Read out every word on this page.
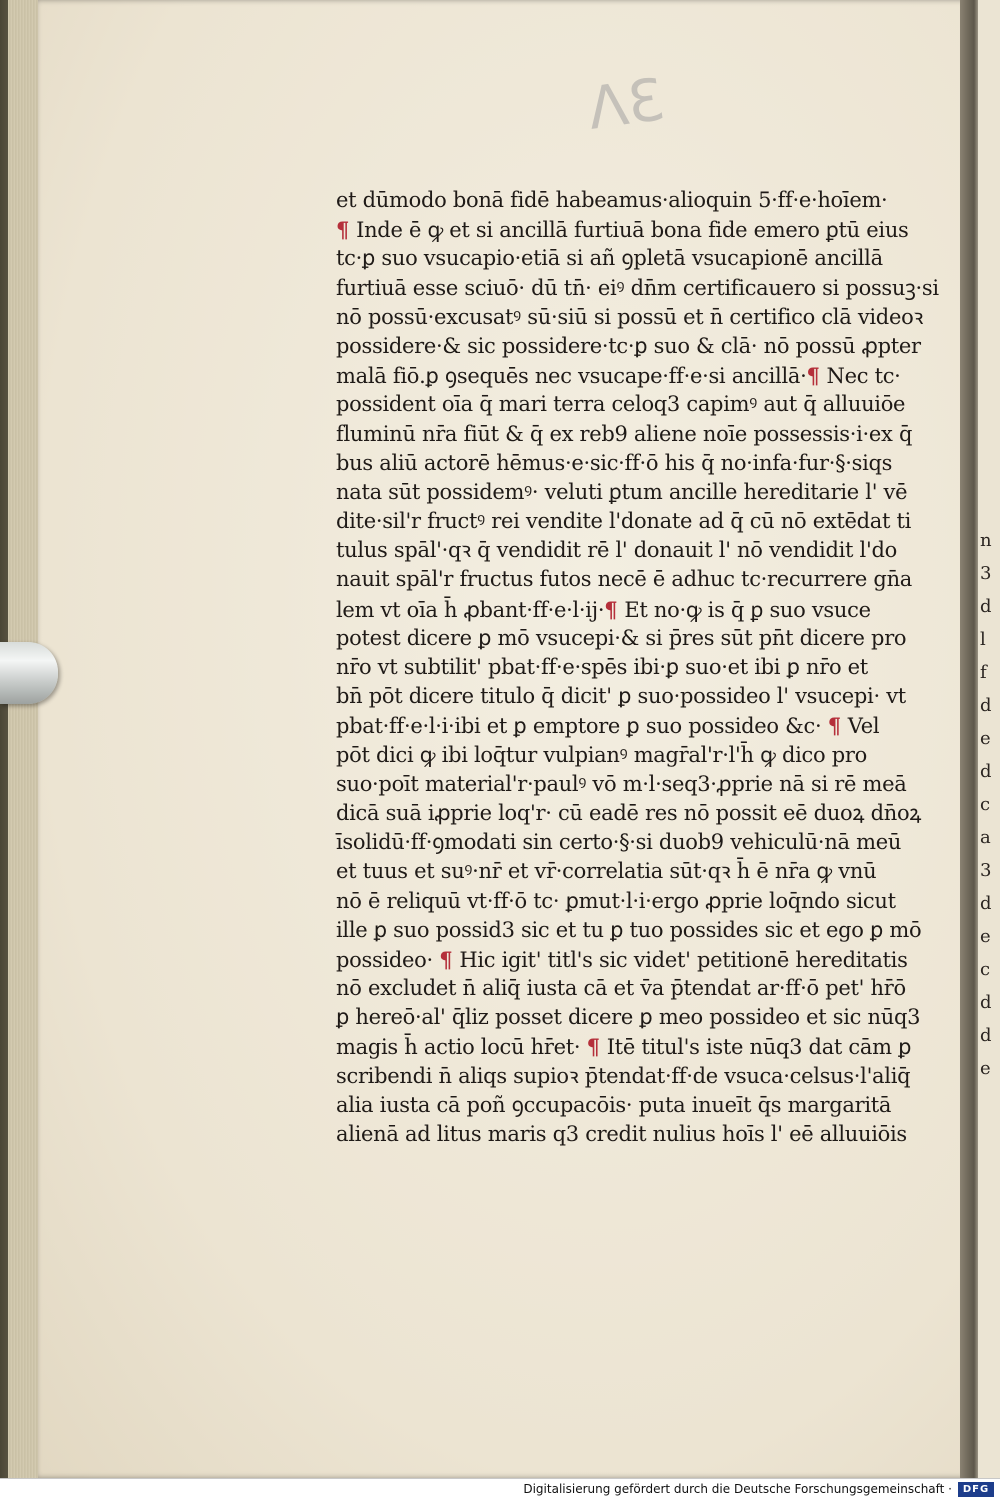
n
3
d
l
f
d
e
d
c
a
3
d
e
c
d
d
e
ɅƐ
et dūmodo bonā fidē habeamus·alioquin 5·ff·e·hoīem·
¶ Inde ē ꝙ et si ancillā furtiuā bona fide emero ꝑtū eius
tc·ꝑ suo vsucapio·etiā si añ ꝯpletā vsucapionē ancillā
furtiuā esse sciuō· dū tn̄· eiꝰ dn̄m certificauero si possuꝫ·si
nō possū·excusatꝰ sū·siū si possū et n̄ certifico clā videoꝛ
possidere·& sic possidere·tc·ꝑ suo & clā· nō possū ꝓpter
malā fiō.ꝑ ꝯsequēs nec vsucape·ff·e·si ancillā·¶ Nec tc·
possident oīa q̄ mari terra celoq3 capimꝰ aut q̄ alluuiōe
fluminū nr̄a fiūt & q̄ ex reb9 aliene noīe possessis·i·ex q̄
bus aliū actorē hēmus·e·sic·ff·ō his q̄ no·infa·fur·§·siqs
nata sūt possidemꝰ· veluti ꝑtum ancille hereditarie l' vē
dite·sil'r fructꝰ rei vendite l'donate ad q̄ cū nō extēdat ti
tulus spāl'·qꝛ q̄ vendidit rē l' donauit l' nō vendidit l'do
nauit spāl'r fructus futos necē ē adhuc tc·recurrere gn̄a
lem vt oīa h̄ ꝓbant·ff·e·l·ij·¶ Et no·ꝙ is q̄ ꝑ suo vsuce
potest dicere ꝑ mō vsucepi·& si p̄res sūt pn̄t dicere pro
nr̄o vt subtilit' pbat·ff·e·spēs ibi·ꝑ suo·et ibi ꝑ nr̄o et
bn̄ pōt dicere titulo q̄ dicit' ꝑ suo·possideo l' vsucepi· vt
pbat·ff·e·l·i·ibi et ꝑ emptore ꝑ suo possideo &c· ¶ Vel
pōt dici ꝙ ibi loq̄tur vulpianꝰ magr̄al'r·l'h̄ ꝙ dico pro
suo·poīt material'r·paulꝰ vō m·l·seq3·ꝓprie nā si rē meā
dicā suā iꝓprie loq'r· cū eadē res nō possit eē duoꝝ dn̄oꝝ
īsolidū·ff·ꝯmodati sin certo·§·si duob9 vehiculū·nā meū
et tuus et suꝰ·nr̄ et vr̄·correlatia sūt·qꝛ h̄ ē nr̄a ꝙ vnū
nō ē reliquū vt·ff·ō tc· ꝑmut·l·i·ergo ꝓprie loq̄ndo sicut
ille ꝑ suo possid3 sic et tu ꝑ tuo possides sic et ego ꝑ mō
possideo· ¶ Hic igit' titl's sic videt' petitionē hereditatis
nō excludet n̄ aliq̄ iusta cā et v̄a p̄tendat ar·ff·ō pet' hr̄ō
ꝑ hereō·al' q̄liz posset dicere ꝑ meo possideo et sic nūq3
magis h̄ actio locū hr̄et· ¶ Itē titul's iste nūq3 dat cām ꝑ
scribendi n̄ aliqs supioꝛ p̄tendat·ff·de vsuca·celsus·l'aliq̄
alia iusta cā poñ ꝯccupacōis· puta inueīt q̄s margaritā
alienā ad litus maris q3 credit nulius hoīs l' eē alluuiōis
Digitalisierung gefördert durch die Deutsche Forschungsgemeinschaft ·	DFG
